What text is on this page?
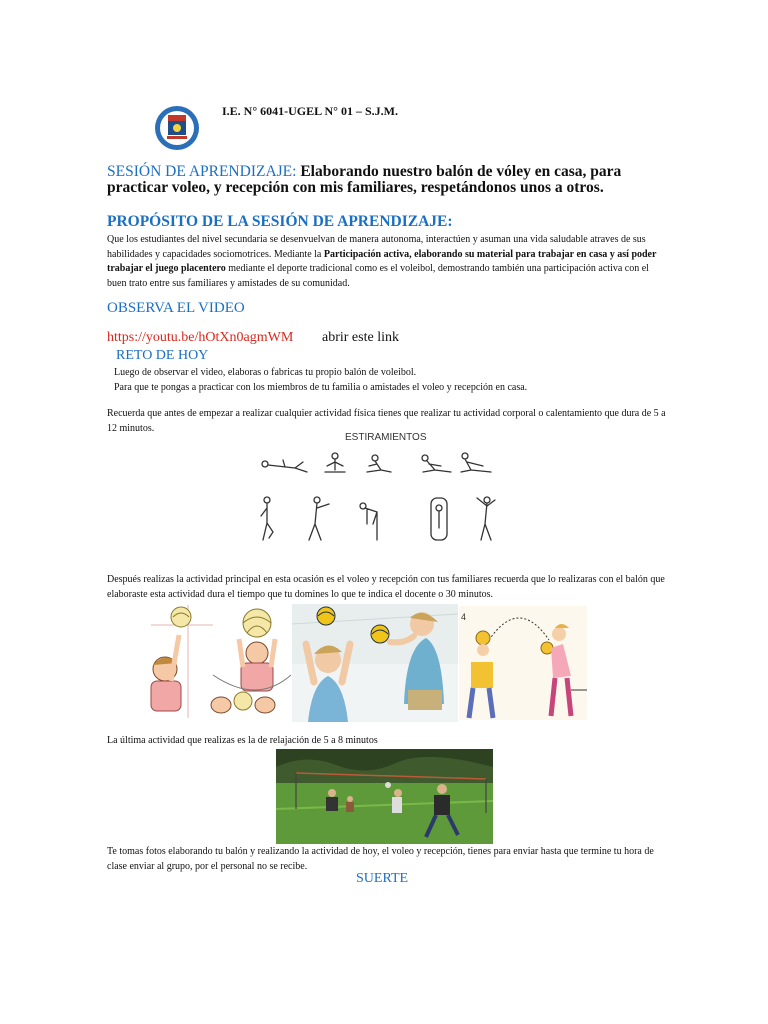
I.E. N° 6041-UGEL N° 01 – S.J.M.
SESIÓN DE APRENDIZAJE: Elaborando nuestro balón de vóley en casa, para practicar voleo, y recepción con mis familiares, respetándonos unos a otros.
PROPÓSITO DE LA SESIÓN DE APRENDIZAJE:
Que los estudiantes del nivel secundaria se desenvuelvan de manera autonoma, interactúen y asuman una vida saludable atraves de sus habilidades y capacidades sociomotrices. Mediante la Participación activa, elaborando su material para trabajar en casa y así poder trabajar el juego placentero mediante el deporte tradicional como es el voleibol, demostrando también una participación activa con el buen trato entre sus familiares y amistades de su comunidad.
OBSERVA EL VIDEO
https://youtu.be/hOtXn0agmWM abrir este link
RETO DE HOY
Luego de observar el video, elaboras o fabricas tu propio balón de voleibol.
Para que te pongas a practicar con los miembros de tu familia o amistades el voleo y recepción en casa.
Recuerda que antes de empezar a realizar cualquier actividad física tienes que realizar tu actividad corporal o calentamiento que dura de 5 a 12 minutos.
ESTIRAMIENTOS
Después realizas la actividad principal en esta ocasión es el voleo y recepción con tus familiares recuerda que lo realizaras con el balón que elaboraste esta actividad dura el tiempo que tu domines lo que te indica el docente o 30 minutos.
4
La última actividad que realizas es la de relajación de 5 a 8 minutos
Te tomas fotos elaborando tu balón y realizando la actividad de hoy, el voleo y recepción, tienes para enviar hasta que termine tu hora de clase enviar al grupo, por el personal no se recibe.
SUERTE
